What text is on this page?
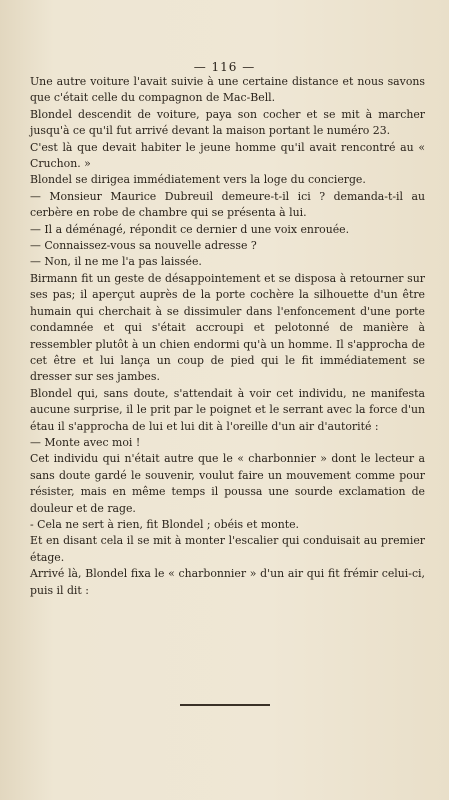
— 116 —

Une autre voiture l'avait suivie à une certaine distance et nous savons que c'était celle du compagnon de Mac-Bell.

Blondel descendit de voiture, paya son cocher et se mit à marcher jusqu'à ce qu'il fut arrivé devant la maison portant le numéro 23.

C'est là que devait habiter le jeune homme qu'il avait rencontré au « Cruchon. »

Blondel se dirigea immédiatement vers la loge du concierge.

— Monsieur Maurice Dubreuil demeure-t-il ici ? demanda-t-il au cerbère en robe de chambre qui se présenta à lui.

— Il a déménagé, répondit ce dernier d une voix enrouée.

— Connaissez-vous sa nouvelle adresse ?

— Non, il ne me l'a pas laissée.

Birmann fit un geste de désappointement et se disposa à retourner sur ses pas; il aperçut auprès de la porte cochère la silhouette d'un être humain qui cherchait à se dissimuler dans l'enfoncement d'une porte condamnée et qui s'était accroupi et pelotonné de manière à ressembler plutôt à un chien endormi qu'à un homme. Il s'approcha de cet être et lui lança un coup de pied qui le fit immédiatement se dresser sur ses jambes.

Blondel qui, sans doute, s'attendait à voir cet individu, ne manifesta aucune surprise, il le prit par le poignet et le serrant avec la force d'un étau il s'approcha de lui et lui dit à l'oreille d'un air d'autorité :

— Monte avec moi !

Cet individu qui n'était autre que le « charbonnier » dont le lecteur a sans doute gardé le souvenir, voulut faire un mouvement comme pour résister, mais en même temps il poussa une sourde exclamation de douleur et de rage.

- Cela ne sert à rien, fit Blondel ; obéis et monte.

Et en disant cela il se mit à monter l'escalier qui conduisait au premier étage.

Arrivé là, Blondel fixa le « charbonnier » d'un air qui fit frémir celui-ci, puis il dit :
